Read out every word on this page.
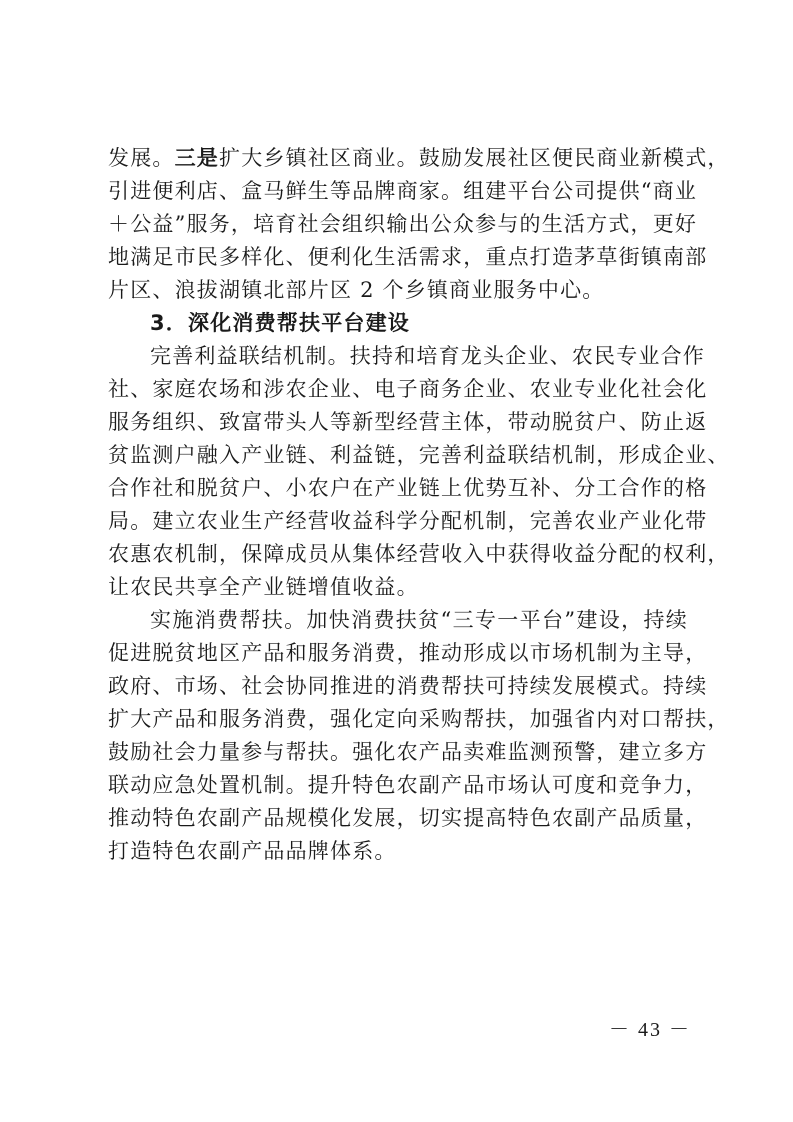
发展。三是扩大乡镇社区商业。鼓励发展社区便民商业新模式，
引进便利店、盒马鲜生等品牌商家。组建平台公司提供“商业
＋公益”服务，培育社会组织输出公众参与的生活方式，更好
地满足市民多样化、便利化生活需求，重点打造茅草街镇南部
片区、浪拔湖镇北部片区 2 个乡镇商业服务中心。

3．深化消费帮扶平台建设

完善利益联结机制。扶持和培育龙头企业、农民专业合作
社、家庭农场和涉农企业、电子商务企业、农业专业化社会化
服务组织、致富带头人等新型经营主体，带动脱贫户、防止返
贫监测户融入产业链、利益链，完善利益联结机制，形成企业、
合作社和脱贫户、小农户在产业链上优势互补、分工合作的格
局。建立农业生产经营收益科学分配机制，完善农业产业化带
农惠农机制，保障成员从集体经营收入中获得收益分配的权利，
让农民共享全产业链增值收益。

实施消费帮扶。加快消费扶贫“三专一平台”建设，持续
促进脱贫地区产品和服务消费，推动形成以市场机制为主导，
政府、市场、社会协同推进的消费帮扶可持续发展模式。持续
扩大产品和服务消费，强化定向采购帮扶，加强省内对口帮扶，
鼓励社会力量参与帮扶。强化农产品卖难监测预警，建立多方
联动应急处置机制。提升特色农副产品市场认可度和竞争力，
推动特色农副产品规模化发展，切实提高特色农副产品质量，
打造特色农副产品品牌体系。

－ 43 －
